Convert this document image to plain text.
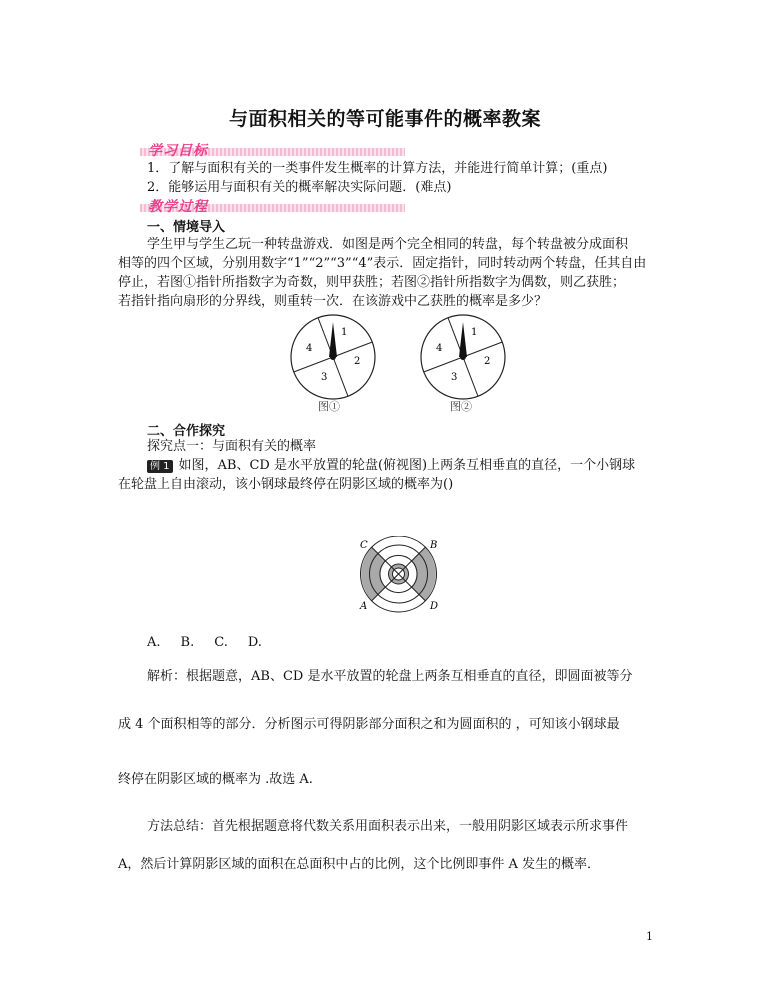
与面积相关的等可能事件的概率教案
学习目标
1．了解与面积有关的一类事件发生概率的计算方法，并能进行简单计算；(重点)
2．能够运用与面积有关的概率解决实际问题．(难点)
教学过程
一、情境导入
学生甲与学生乙玩一种转盘游戏．如图是两个完全相同的转盘，每个转盘被分成面积
相等的四个区域，分别用数字“1”“2”“3”“4”表示．固定指针，同时转动两个转盘，任其自由
停止，若图①指针所指数字为奇数，则甲获胜；若图②指针所指数字为偶数，则乙获胜；
若指针指向扇形的分界线，则重转一次．在该游戏中乙获胜的概率是多少？
1
2
3
4
图①
1
2
3
4
图②
二、合作探究
探究点一：与面积有关的概率
例 1 如图，AB、CD 是水平放置的轮盘(俯视图)上两条互相垂直的直径，一个小钢球
在轮盘上自由滚动，该小钢球最终停在阴影区域的概率为()
C	B
A	D
A. B. C. D.
解析：根据题意，AB、CD 是水平放置的轮盘上两条互相垂直的直径，即圆面被等分
成 4 个面积相等的部分．分析图示可得阴影部分面积之和为圆面积的 ，可知该小钢球最
终停在阴影区域的概率为 .故选 A.
方法总结：首先根据题意将代数关系用面积表示出来，一般用阴影区域表示所求事件
A，然后计算阴影区域的面积在总面积中占的比例，这个比例即事件 A 发生的概率．
1
